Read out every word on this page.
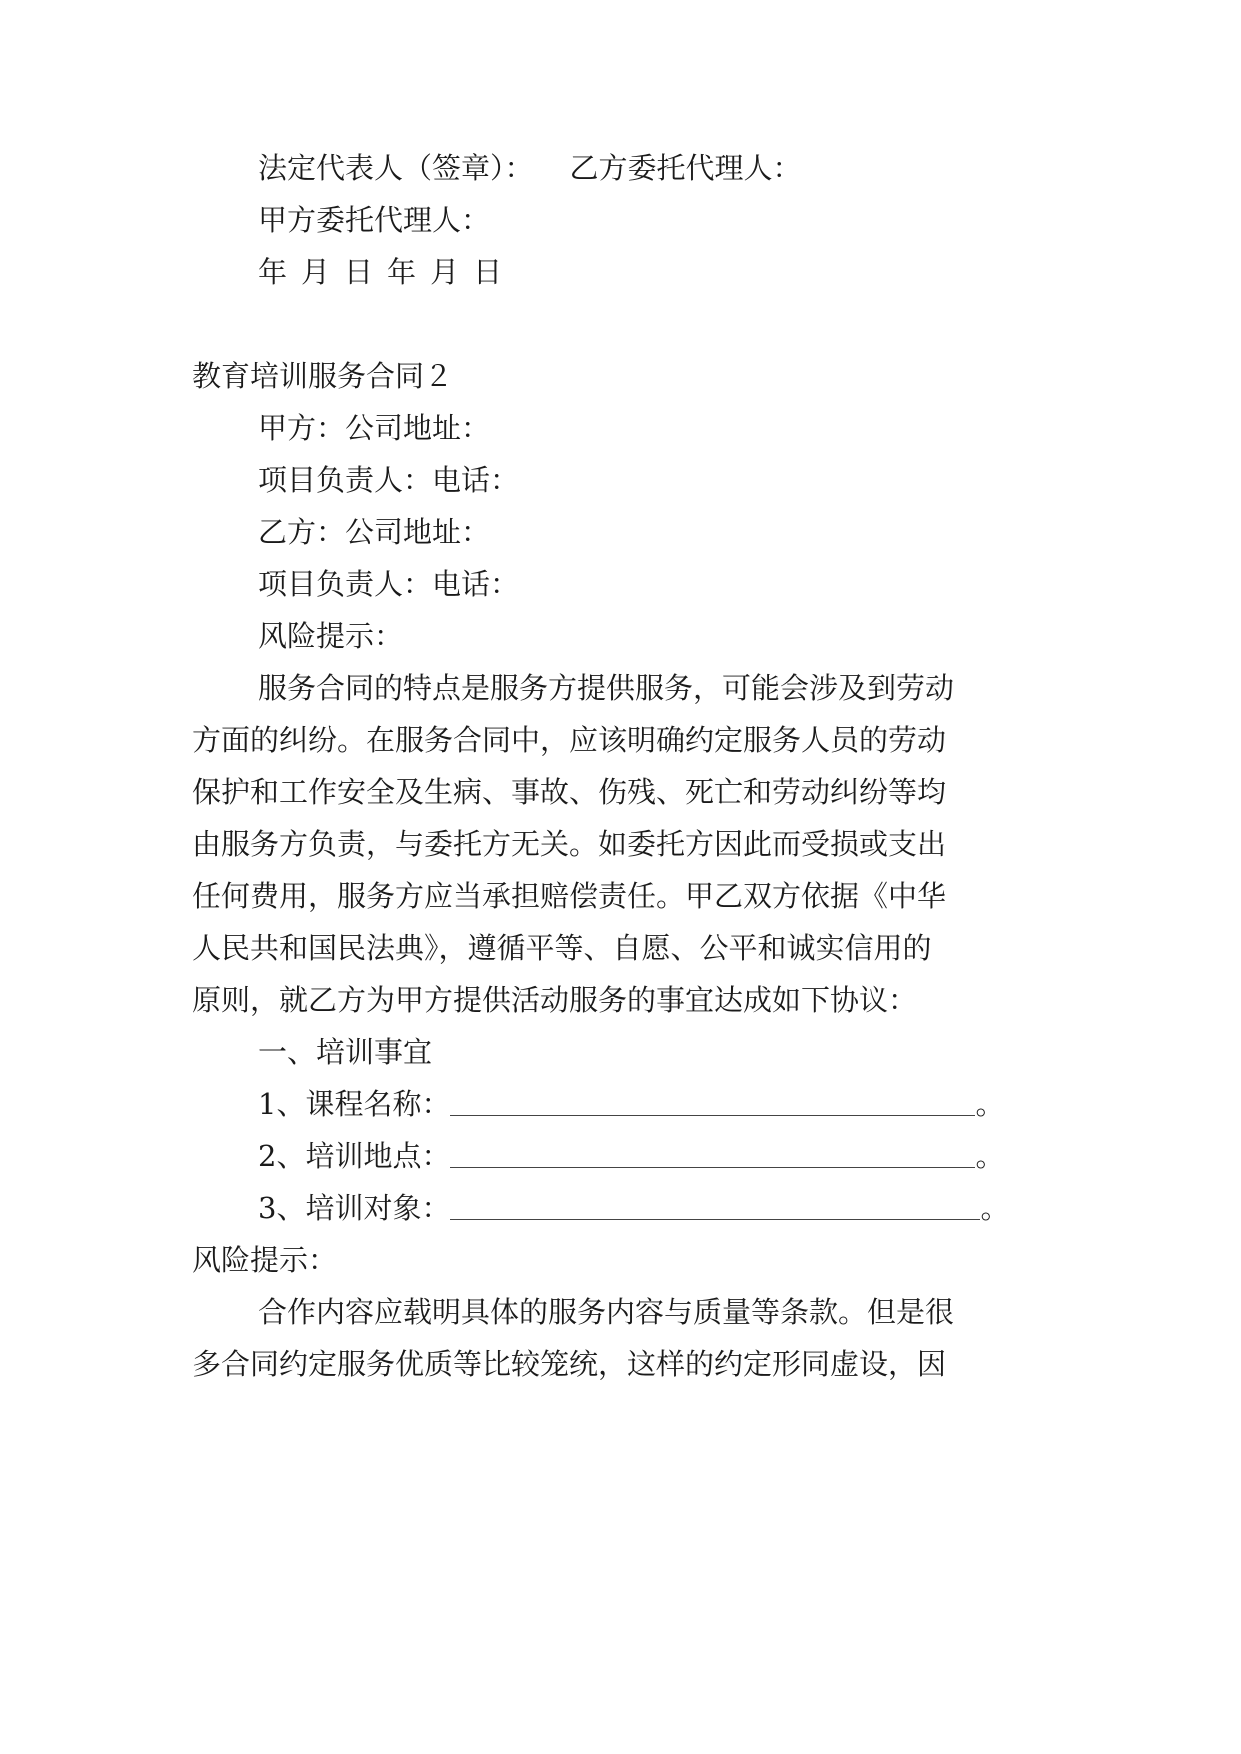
法定代表人（签章）： 乙方委托代理人：
甲方委托代理人：
年 月 日 年 月 日
教育培训服务合同２
甲方：公司地址：
项目负责人：电话：
乙方：公司地址：
项目负责人：电话：
风险提示：
服务合同的特点是服务方提供服务，可能会涉及到劳动
方面的纠纷。在服务合同中，应该明确约定服务人员的劳动
保护和工作安全及生病、事故、伤残、死亡和劳动纠纷等均
由服务方负责，与委托方无关。如委托方因此而受损或支出
任何费用，服务方应当承担赔偿责任。甲乙双方依据《中华
人民共和国民法典》，遵循平等、自愿、公平和诚实信用的
原则，就乙方为甲方提供活动服务的事宜达成如下协议：
一、培训事宜
1、课程名称：	。
2、培训地点：	。
3、培训对象：	。
风险提示：
合作内容应载明具体的服务内容与质量等条款。但是很
多合同约定服务优质等比较笼统，这样的约定形同虚设，因
